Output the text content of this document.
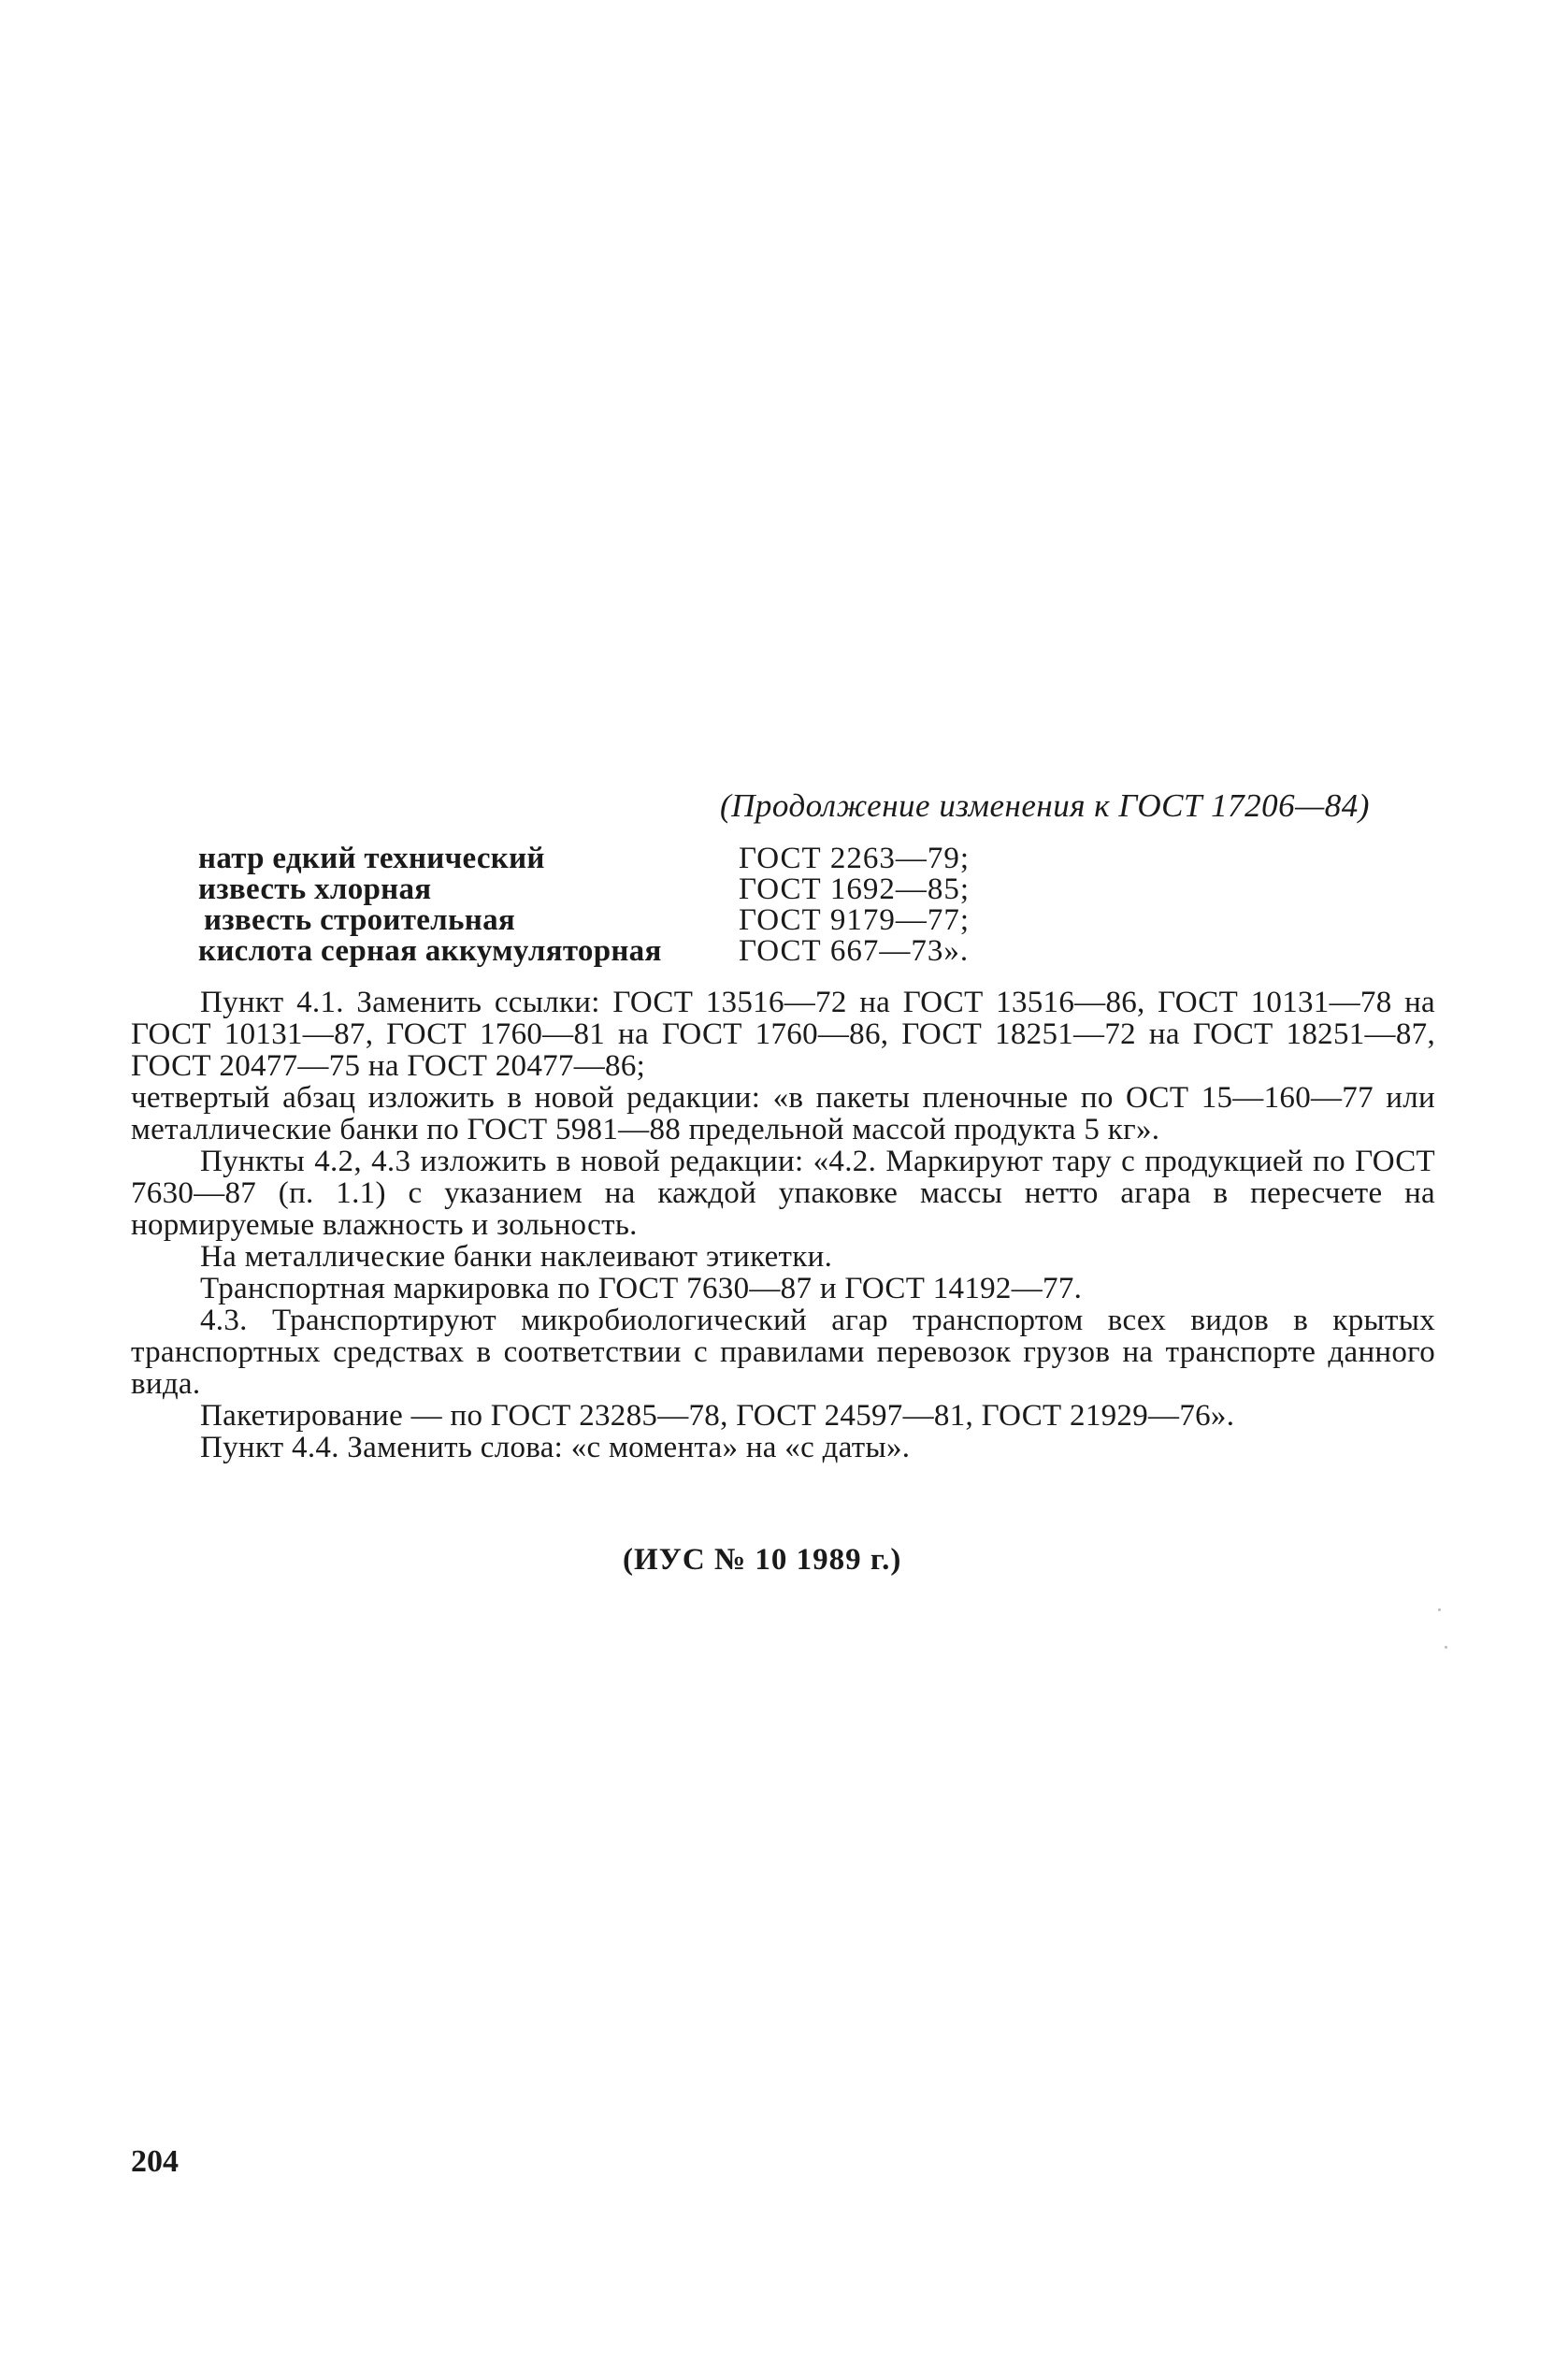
(Продолжение изменения к ГОСТ 17206—84)
натр едкий технический	ГОСТ 2263—79;
известь хлорная	ГОСТ 1692—85;
известь строительная	ГОСТ 9179—77;
кислота серная аккумуляторная	ГОСТ 667—73».

Пункт 4.1. Заменить ссылки: ГОСТ 13516—72 на ГОСТ 13516—86, ГОСТ 10131—78 на ГОСТ 10131—87, ГОСТ 1760—81 на ГОСТ 1760—86, ГОСТ 18251—72 на ГОСТ 18251—87, ГОСТ 20477—75 на ГОСТ 20477—86;

четвертый абзац изложить в новой редакции: «в пакеты пленочные по ОСТ 15—160—77 или металлические банки по ГОСТ 5981—88 предельной массой продукта 5 кг».

Пункты 4.2, 4.3 изложить в новой редакции: «4.2. Маркируют тару с продукцией по ГОСТ 7630—87 (п. 1.1) с указанием на каждой упаковке массы нетто агара в пересчете на нормируемые влажность и зольность.

На металлические банки наклеивают этикетки.

Транспортная маркировка по ГОСТ 7630—87 и ГОСТ 14192—77.

4.3. Транспортируют микробиологический агар транспортом всех видов в крытых транспортных средствах в соответствии с правилами перевозок грузов на транспорте данного вида.

Пакетирование — по ГОСТ 23285—78, ГОСТ 24597—81, ГОСТ 21929—76».

Пункт 4.4. Заменить слова: «с момента» на «с даты».

(ИУС № 10 1989 г.)
204
